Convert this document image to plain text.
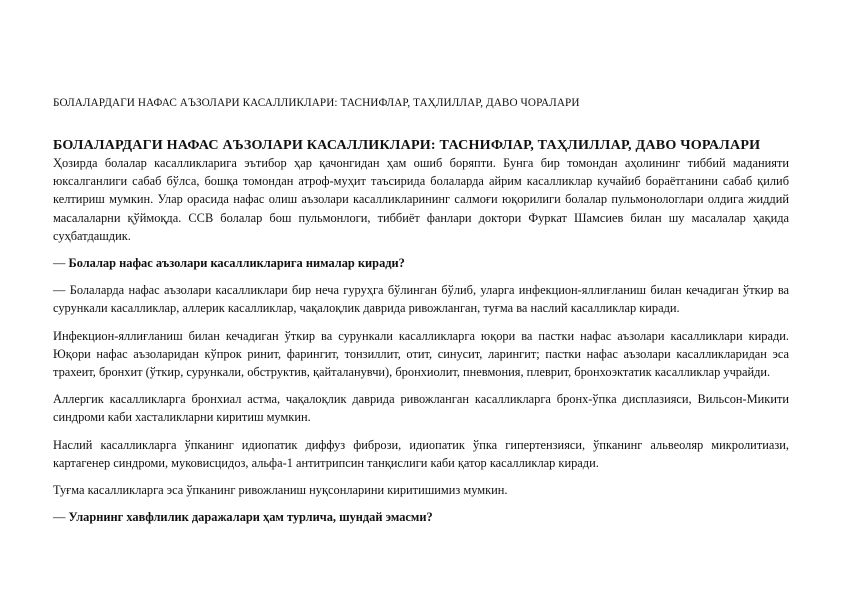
БОЛАЛАРДАГИ НАФАС АЪЗОЛАРИ КАСАЛЛИКЛАРИ: ТАСНИФЛАР, ТАҲЛИЛЛАР, ДАВО ЧОРАЛАРИ
БОЛАЛАРДАГИ НАФАС АЪЗОЛАРИ КАСАЛЛИКЛАРИ: ТАСНИФЛАР, ТАҲЛИЛЛАР, ДАВО ЧОРАЛАРИ

Ҳозирда болалар касалликларига эътибор ҳар қачонгидан ҳам ошиб боряпти. Бунга бир томондан аҳолининг тиббий маданияти юксалганлиги сабаб бўлса, бошқа томондан атроф-муҳит таъсирида болаларда айрим касалликлар кучайиб бораётганини сабаб қилиб келтириш мумкин. Улар орасида нафас олиш аъзолари касалликларининг салмоғи юқорилиги болалар пульмонологлари олдига жиддий масалаларни қўймоқда. ССВ болалар бош пульмонлоги, тиббиёт фанлари доктори Фуркат Шамсиев билан шу масалалар ҳақида суҳбатдашдик.

— Болалар нафас аъзолари касалликларига нималар киради?

— Болаларда нафас аъзолари касалликлари бир неча гуруҳга бўлинган бўлиб, уларга инфекцион-яллиғланиш билан кечадиган ўткир ва сурункали касалликлар, аллерик касалликлар, чақалоқлик даврида ривожланган, туғма ва наслий касалликлар киради.

Инфекцион-яллиғланиш билан кечадиган ўткир ва сурункали касалликларга юқори ва пастки нафас аъзолари касалликлари киради. Юқори нафас аъзоларидан кўпрок ринит, фарингит, тонзиллит, отит, синусит, ларингит; пастки нафас аъзолари касалликларидан эса трахеит, бронхит (ўткир, сурункали, обструктив, қайталанувчи), бронхиолит, пневмония, плеврит, бронхоэктатик касалликлар учрайди.

Аллергик касалликларга бронхиал астма, чақалоқлик даврида ривожланган касалликларга бронх-ўпка дисплазияси, Вильсон-Микити синдроми каби хасталикларни киритиш мумкин.

Наслий касалликларга ўпканинг идиопатик диффуз фибрози, идиопатик ўпка гипертензияси, ўпканинг альвеоляр микролитиази, картагенер синдроми, муковисцидоз, альфа-1 антитрипсин танқислиги каби қатор касалликлар киради.

Туғма касалликларга эса ўпканинг ривожланиш нуқсонларини киритишимиз мумкин.

— Уларнинг хавфлилик даражалари ҳам турлича, шундай эмасми?
